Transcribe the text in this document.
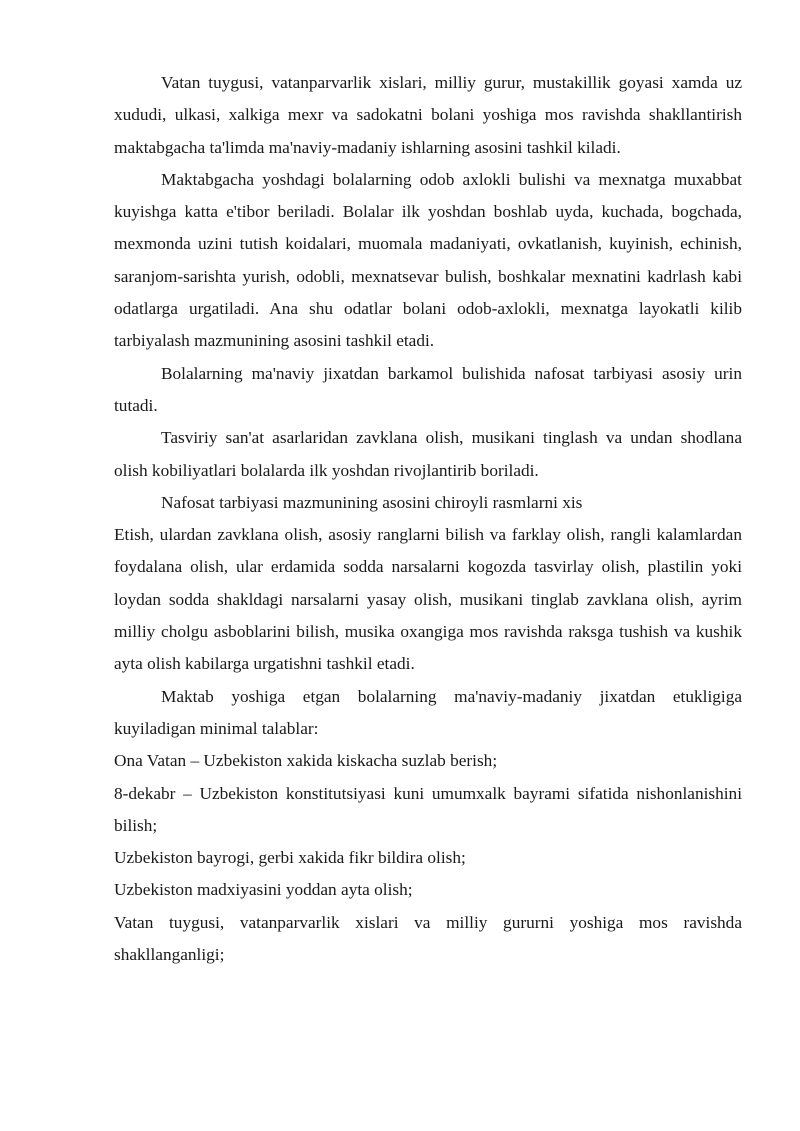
Vatan tuygusi, vatanparvarlik xislari, milliy gurur, mustakillik goyasi xamda uz xududi, ulkasi, xalkiga mexr va sadokatni bolani yoshiga mos ravishda shakllantirish maktabgacha ta'limda ma'naviy-madaniy ishlarning asosini tashkil kiladi.

Maktabgacha yoshdagi bolalarning odob axlokli bulishi va mexnatga muxabbat kuyishga katta e'tibor beriladi. Bolalar ilk yoshdan boshlab uyda, kuchada, bogchada, mexmonda uzini tutish koidalari, muomala madaniyati, ovkatlanish, kuyinish, echinish, saranjom-sarishta yurish, odobli, mexnatsevar bulish, boshkalar mexnatini kadrlash kabi odatlarga urgatiladi. Ana shu odatlar bolani odob-axlokli, mexnatga layokatli kilib tarbiyalash mazmunining asosini tashkil etadi.

Bolalarning ma'naviy jixatdan barkamol bulishida nafosat tarbiyasi asosiy urin tutadi.

Tasviriy san'at asarlaridan zavklana olish, musikani tinglash va undan shodlana olish kobiliyatlari bolalarda ilk yoshdan rivojlantirib boriladi.

Nafosat tarbiyasi mazmunining asosini chiroyli rasmlarni xis

Etish, ulardan zavklana olish, asosiy ranglarni bilish va farklay olish, rangli kalamlardan foydalana olish, ular erdamida sodda narsalarni kogozda tasvirlay olish, plastilin yoki loydan sodda shakldagi narsalarni yasay olish, musikani tinglab zavklana olish, ayrim milliy cholgu asboblarini bilish, musika oxangiga mos ravishda raksga tushish va kushik ayta olish kabilarga urgatishni tashkil etadi.

Maktab yoshiga etgan bolalarning ma'naviy-madaniy jixatdan etukligiga kuyiladigan minimal talablar:

Ona Vatan – Uzbekiston xakida kiskacha suzlab berish;

8-dekabr – Uzbekiston konstitutsiyasi kuni umumxalk bayrami sifatida nishonlanishini bilish;

Uzbekiston bayrogi, gerbi xakida fikr bildira olish;

Uzbekiston madxiyasini yoddan ayta olish;

Vatan tuygusi, vatanparvarlik xislari va milliy gururni yoshiga mos ravishda shakllanganligi;
